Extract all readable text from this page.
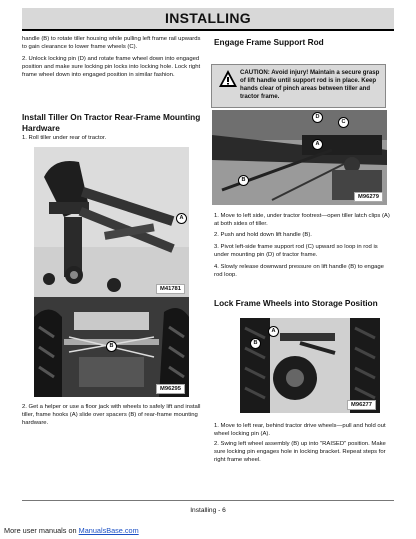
INSTALLING
handle (B) to rotate tiller housing while pulling left frame rail upwards to gain clearance to lower frame wheels (C).
2. Unlock locking pin (D) and rotate frame wheel down into engaged position and make sure locking pin locks into locking hole. Lock right frame wheel down into engaged position in similar fashion.
Install Tiller On Tractor Rear-Frame Mounting Hardware
1. Roll tiller under rear of tractor.
A
M41781
B
M96295
2. Get a helper or use a floor jack with wheels to safely lift and install tiller, frame hooks (A) slide over spacers (B) of rear-frame mounting hardware.
Engage Frame Support Rod
CAUTION: Avoid injury! Maintain a secure grasp of lift handle until support rod is in place. Keep hands clear of pinch areas between tiller and tractor frame.
D
C
A
B
M96279
1. Move to left side, under tractor footrest—open tiller latch clips (A) at both sides of tiller.
2. Push and hold down lift handle (B).
3. Pivot left-side frame support rod (C) upward so loop in rod is under mounting pin (D) of tractor frame.
4. Slowly release downward pressure on lift handle (B) to engage rod loop.
Lock Frame Wheels into Storage Position
A
B
M96277
1. Move to left rear, behind tractor drive wheels—pull and hold out wheel locking pin (A).
2. Swing left wheel assembly (B) up into "RAISED" position. Make sure locking pin engages hole in locking bracket. Repeat steps for right frame wheel.
Installing - 6
More user manuals on ManualsBase.com
